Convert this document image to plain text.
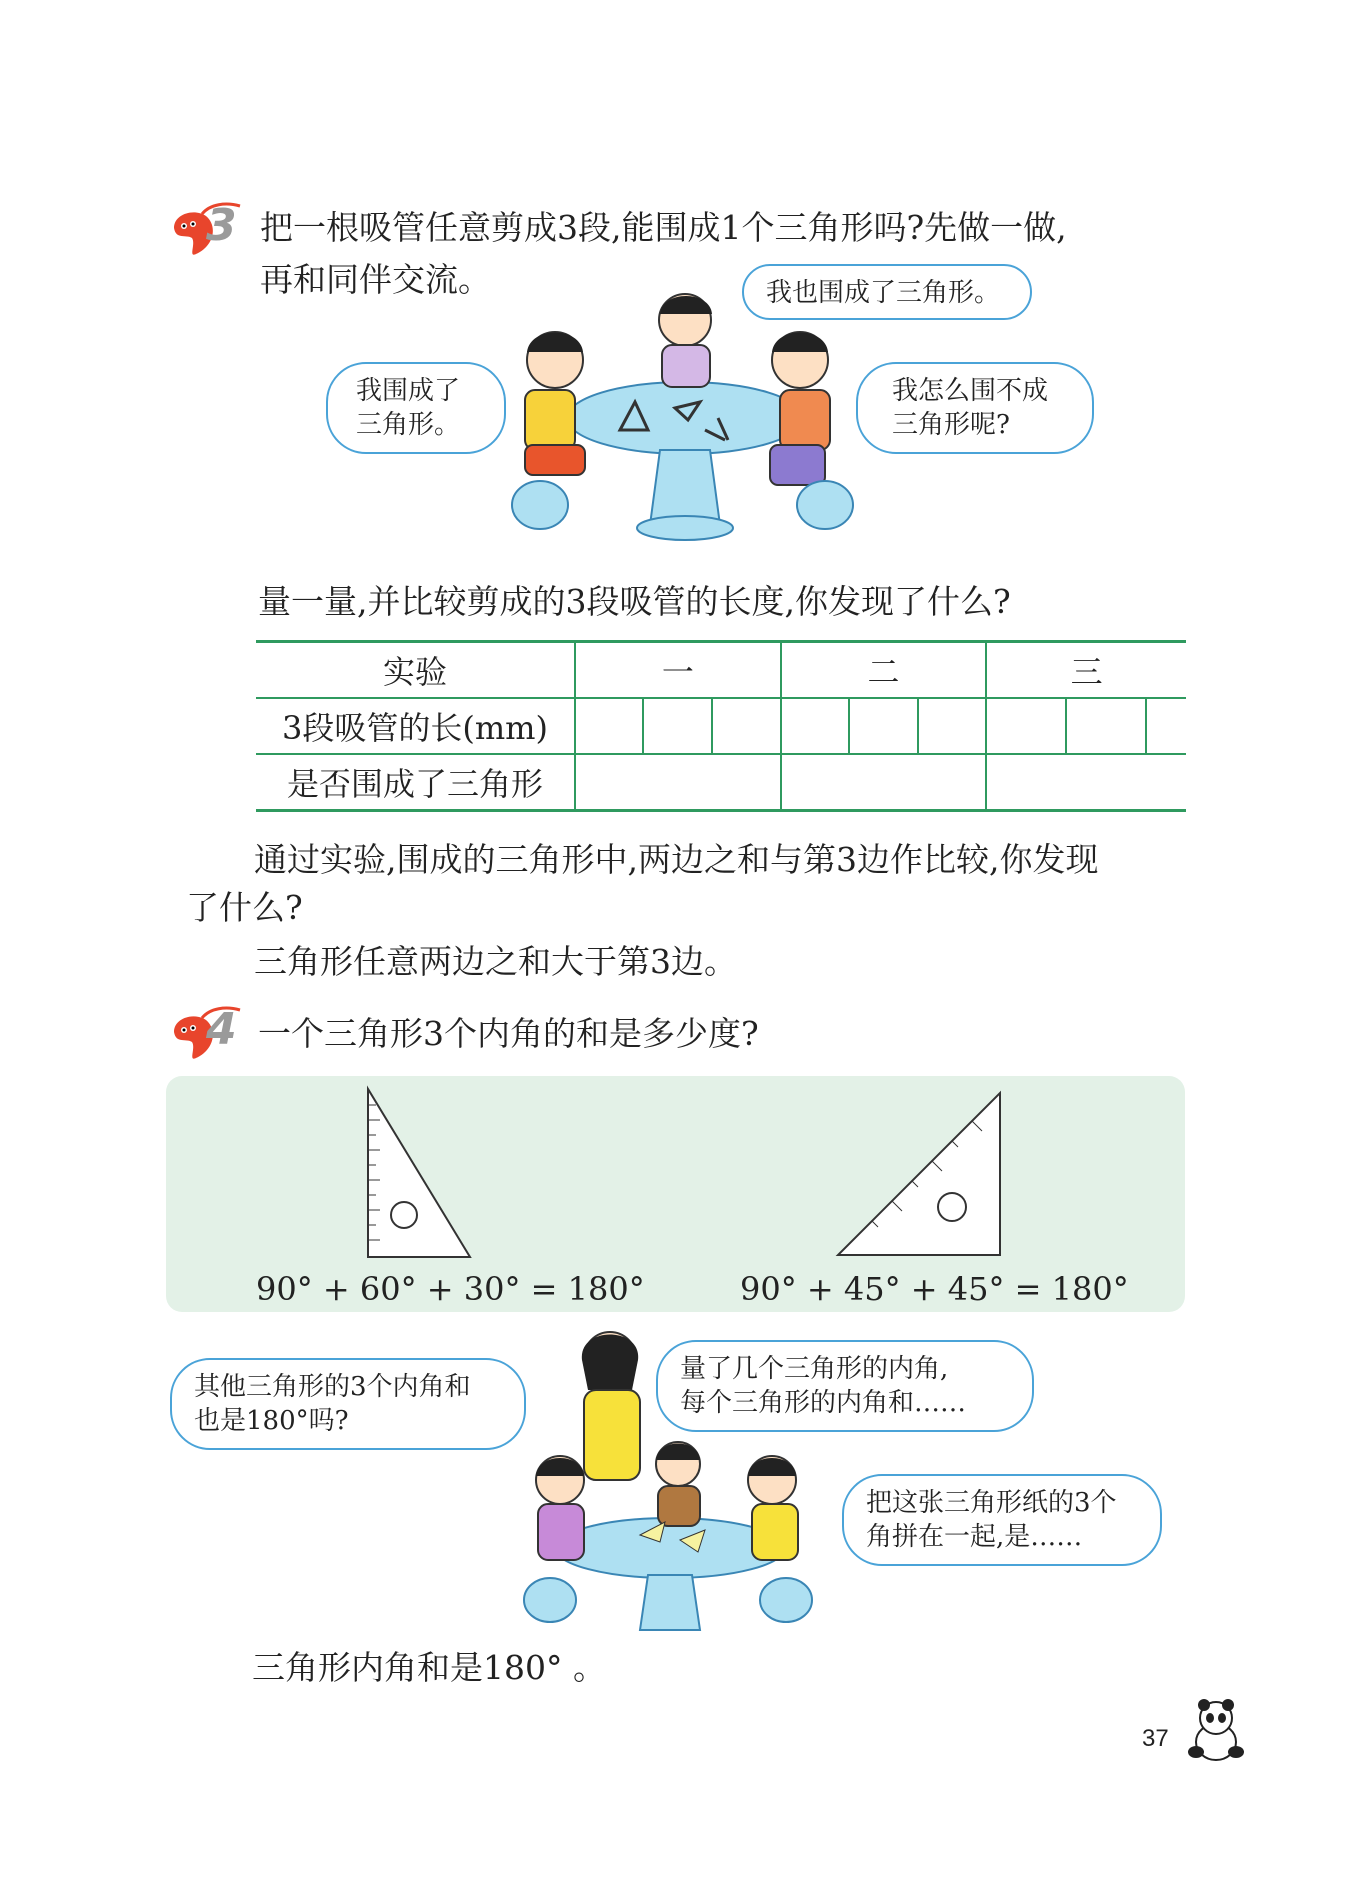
3 把一根吸管任意剪成3段,能围成1个三角形吗?先做一做,
再和同伴交流。	我也围成了三角形。
我围成了
三角形。
我怎么围不成
三角形呢?
量一量,并比较剪成的3段吸管的长度,你发现了什么?
实验	一			二			三		
3段吸管的长(mm)									
是否围成了三角形									
通过实验,围成的三角形中,两边之和与第3边作比较,你发现
了什么?
三角形任意两边之和大于第3边。
4 一个三角形3个内角的和是多少度?
90° + 60° + 30° = 180°	90° + 45° + 45° = 180°
其他三角形的3个内角和
也是180°吗?
量了几个三角形的内角,
每个三角形的内角和……
把这张三角形纸的3个
角拼在一起,是……
三角形内角和是180° 。
37
